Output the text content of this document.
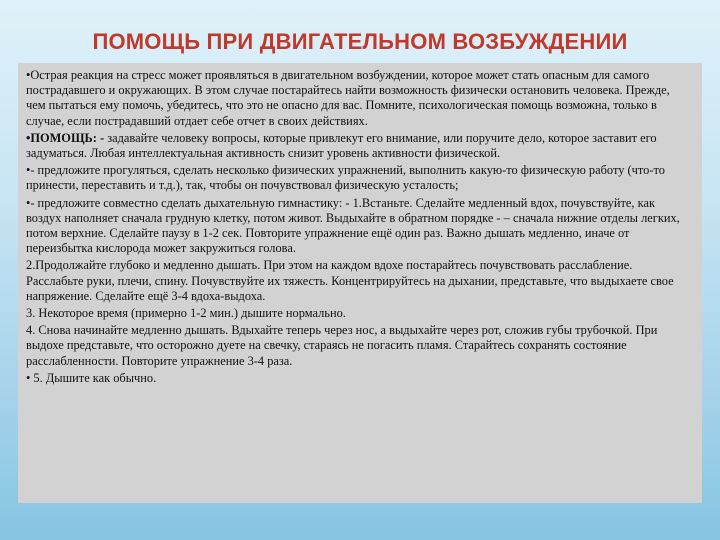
ПОМОЩЬ ПРИ ДВИГАТЕЛЬНОМ ВОЗБУЖДЕНИИ

•Острая реакция на стресс может проявляться в двигательном возбуждении, которое может стать опасным для самого пострадавшего и окружающих. В этом случае постарайтесь найти возможность физически остановить человека. Прежде, чем пытаться ему помочь, убедитесь, что это не опасно для вас. Помните, психологическая помощь возможна, только в случае, если пострадавший отдает себе отчет в своих действиях.

•ПОМОЩЬ: - задавайте человеку вопросы, которые привлекут его внимание, или поручите дело, которое заставит его задуматься. Любая интеллектуальная активность снизит уровень активности физической.

•- предложите прогуляться, сделать несколько физических упражнений, выполнить какую-то физическую работу (что-то принести, переставить и т.д.), так, чтобы он почувствовал физическую усталость;

•- предложите совместно сделать дыхательную гимнастику: - 1.Встаньте. Сделайте медленный вдох, почувствуйте, как воздух наполняет сначала грудную клетку, потом живот. Выдыхайте в обратном порядке - – сначала нижние отделы легких, потом верхние. Сделайте паузу в 1-2 сек. Повторите упражнение ещё один раз. Важно дышать медленно, иначе от переизбытка кислорода может закружиться голова.

2.Продолжайте глубоко и медленно дышать. При этом на каждом вдохе постарайтесь почувствовать расслабление. Расслабьте руки, плечи, спину. Почувствуйте их тяжесть. Концентрируйтесь на дыхании, представьте, что выдыхаете свое напряжение. Сделайте ещё 3-4 вдоха-выдоха.

3. Некоторое время (примерно 1-2 мин.) дышите нормально.

4. Снова начинайте медленно дышать. Вдыхайте теперь через нос, а выдыхайте через рот, сложив губы трубочкой. При выдохе представьте, что осторожно дуете на свечку, стараясь не погасить пламя. Старайтесь сохранять состояние расслабленности. Повторите упражнение 3-4 раза.

• 5. Дышите как обычно.
